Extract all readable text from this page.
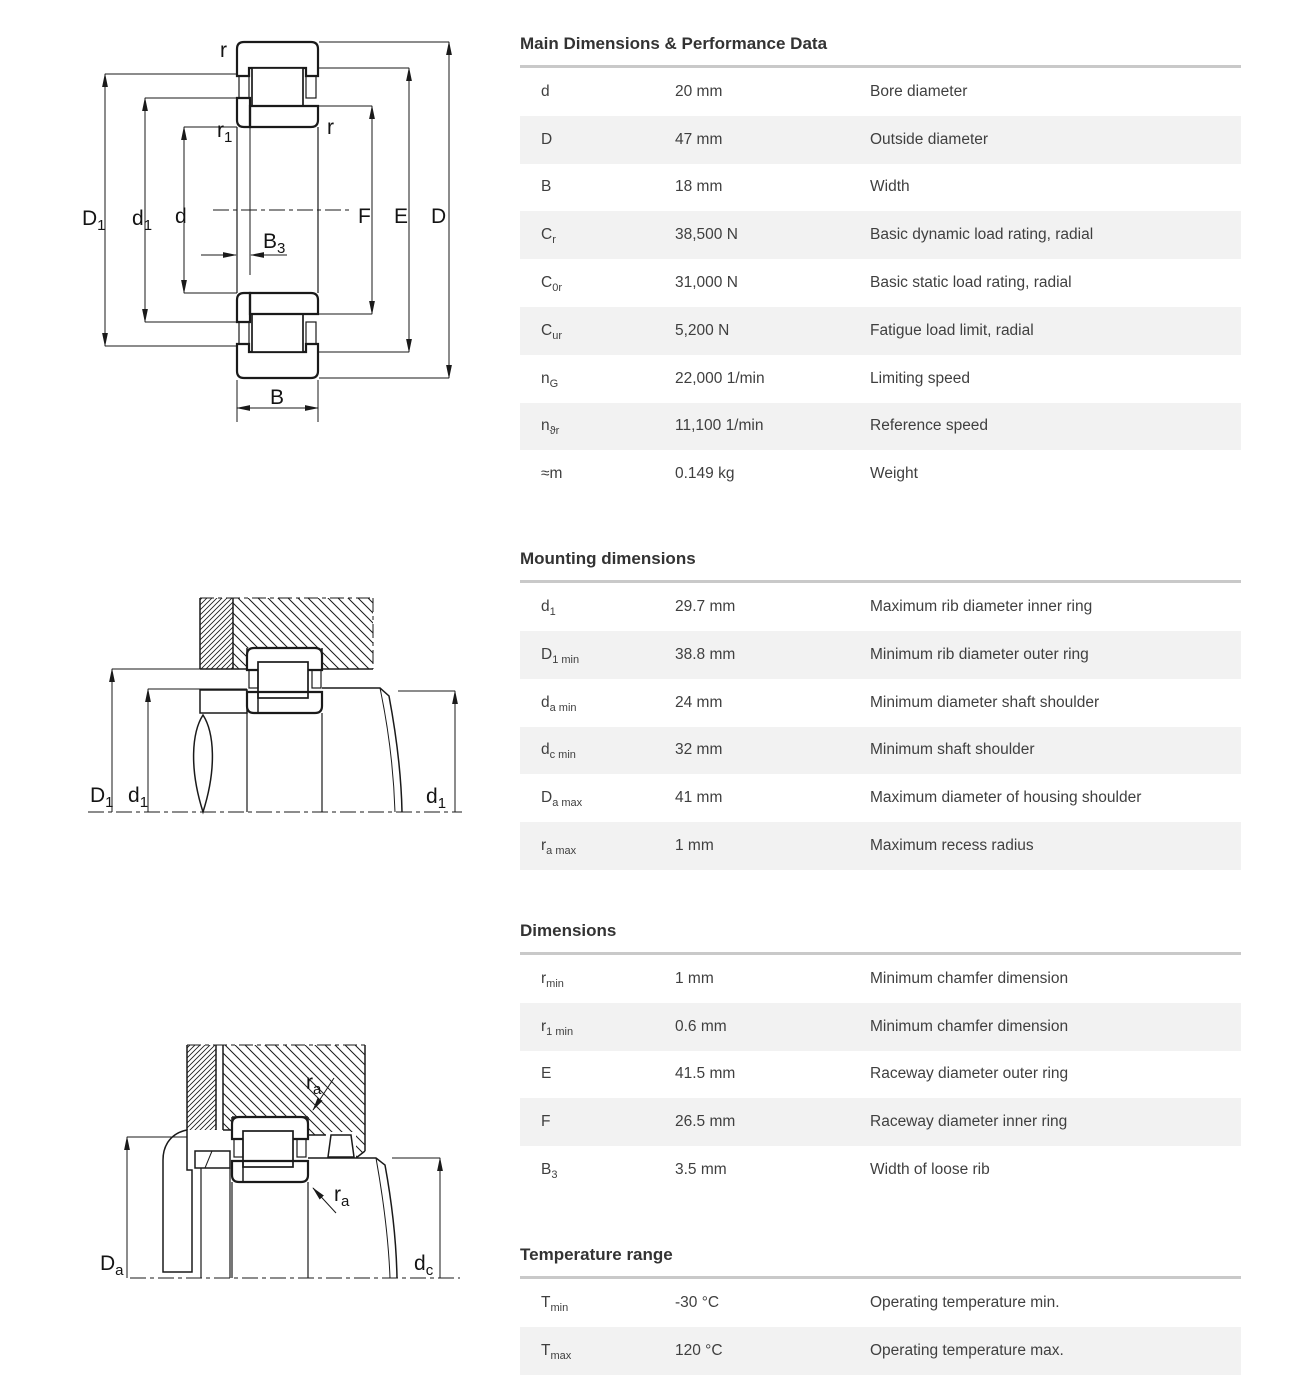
r
$r_1$	r
$D_1$ $d_1$ d
$B_3$
F E D
B
$D_1$ $d_1$	$d_1$
$r_a$
$r_a$
$D_a$	$d_c$
Main Dimensions & Performance Data
d	20 mm	Bore diameter
D	47 mm	Outside diameter
B	18 mm	Width
$C_r$	38,500 N	Basic dynamic load rating, radial
$C_{0r}$	31,000 N	Basic static load rating, radial
$C_{ur}$	5,200 N	Fatigue load limit, radial
$n_G$	22,000 1/min	Limiting speed
$n_{ϑr}$	11,100 1/min	Reference speed
≈m	0.149 kg	Weight
Mounting dimensions
$d_1$	29.7 mm	Maximum rib diameter inner ring
$D_{1 min}$	38.8 mm	Minimum rib diameter outer ring
$d_{a min}$	24 mm	Minimum diameter shaft shoulder
$d_{c min}$	32 mm	Minimum shaft shoulder
$D_{a max}$	41 mm	Maximum diameter of housing shoulder
$r_{a max}$	1 mm	Maximum recess radius
Dimensions
$r_{min}$	1 mm	Minimum chamfer dimension
$r_{1 min}$	0.6 mm	Minimum chamfer dimension
E	41.5 mm	Raceway diameter outer ring
F	26.5 mm	Raceway diameter inner ring
$B_3$	3.5 mm	Width of loose rib
Temperature range
$T_{min}$	-30 °C	Operating temperature min.
$T_{max}$	120 °C	Operating temperature max.
